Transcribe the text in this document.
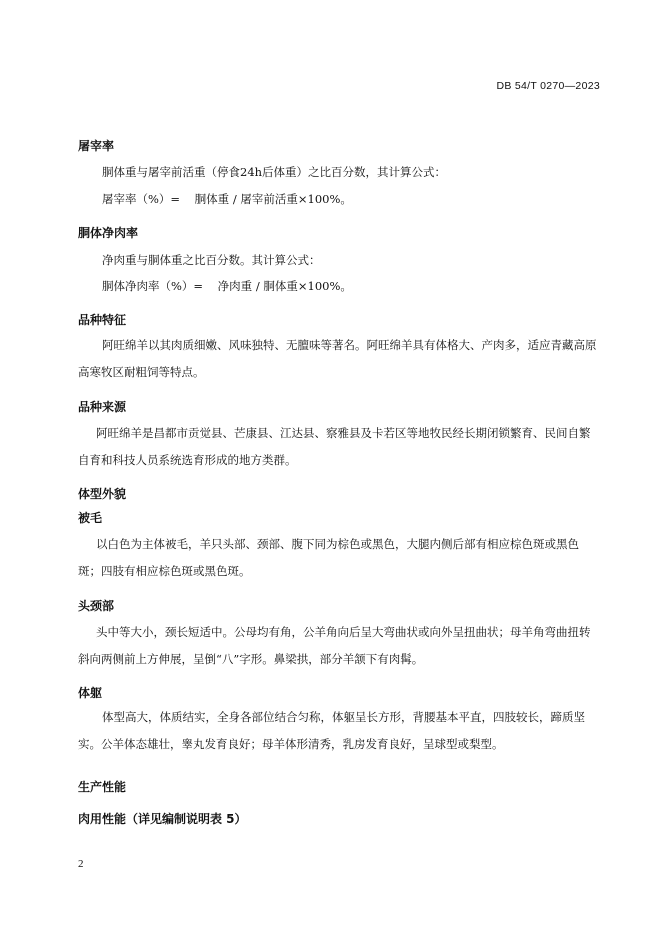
DB 54/T 0270—2023
屠宰率
胴体重与屠宰前活重（停食24h后体重）之比百分数，其计算公式：
屠宰率（%）=    胴体重 / 屠宰前活重×100%。
胴体净肉率
净肉重与胴体重之比百分数。其计算公式：
胴体净肉率（%）=    净肉重 / 胴体重×100%。
品种特征
阿旺绵羊以其肉质细嫩、风味独特、无膻味等著名。阿旺绵羊具有体格大、产肉多，适应青藏高原高寒牧区耐粗饲等特点。
品种来源
阿旺绵羊是昌都市贡觉县、芒康县、江达县、察雅县及卡若区等地牧民经长期闭锁繁育、民间自繁自育和科技人员系统选育形成的地方类群。
体型外貌
被毛
以白色为主体被毛，羊只头部、颈部、腹下同为棕色或黑色，大腿内侧后部有相应棕色斑或黑色斑；四肢有相应棕色斑或黑色斑。
头颈部
头中等大小，颈长短适中。公母均有角，公羊角向后呈大弯曲状或向外呈扭曲状；母羊角弯曲扭转斜向两侧前上方伸展，呈倒“八”字形。鼻梁拱，部分羊颔下有肉髯。
体躯
体型高大，体质结实，全身各部位结合匀称，体躯呈长方形，背腰基本平直，四肢较长，蹄质坚实。公羊体态雄壮，睾丸发育良好；母羊体形清秀，乳房发育良好，呈球型或梨型。
生产性能
肉用性能（详见编制说明表 5）
2
